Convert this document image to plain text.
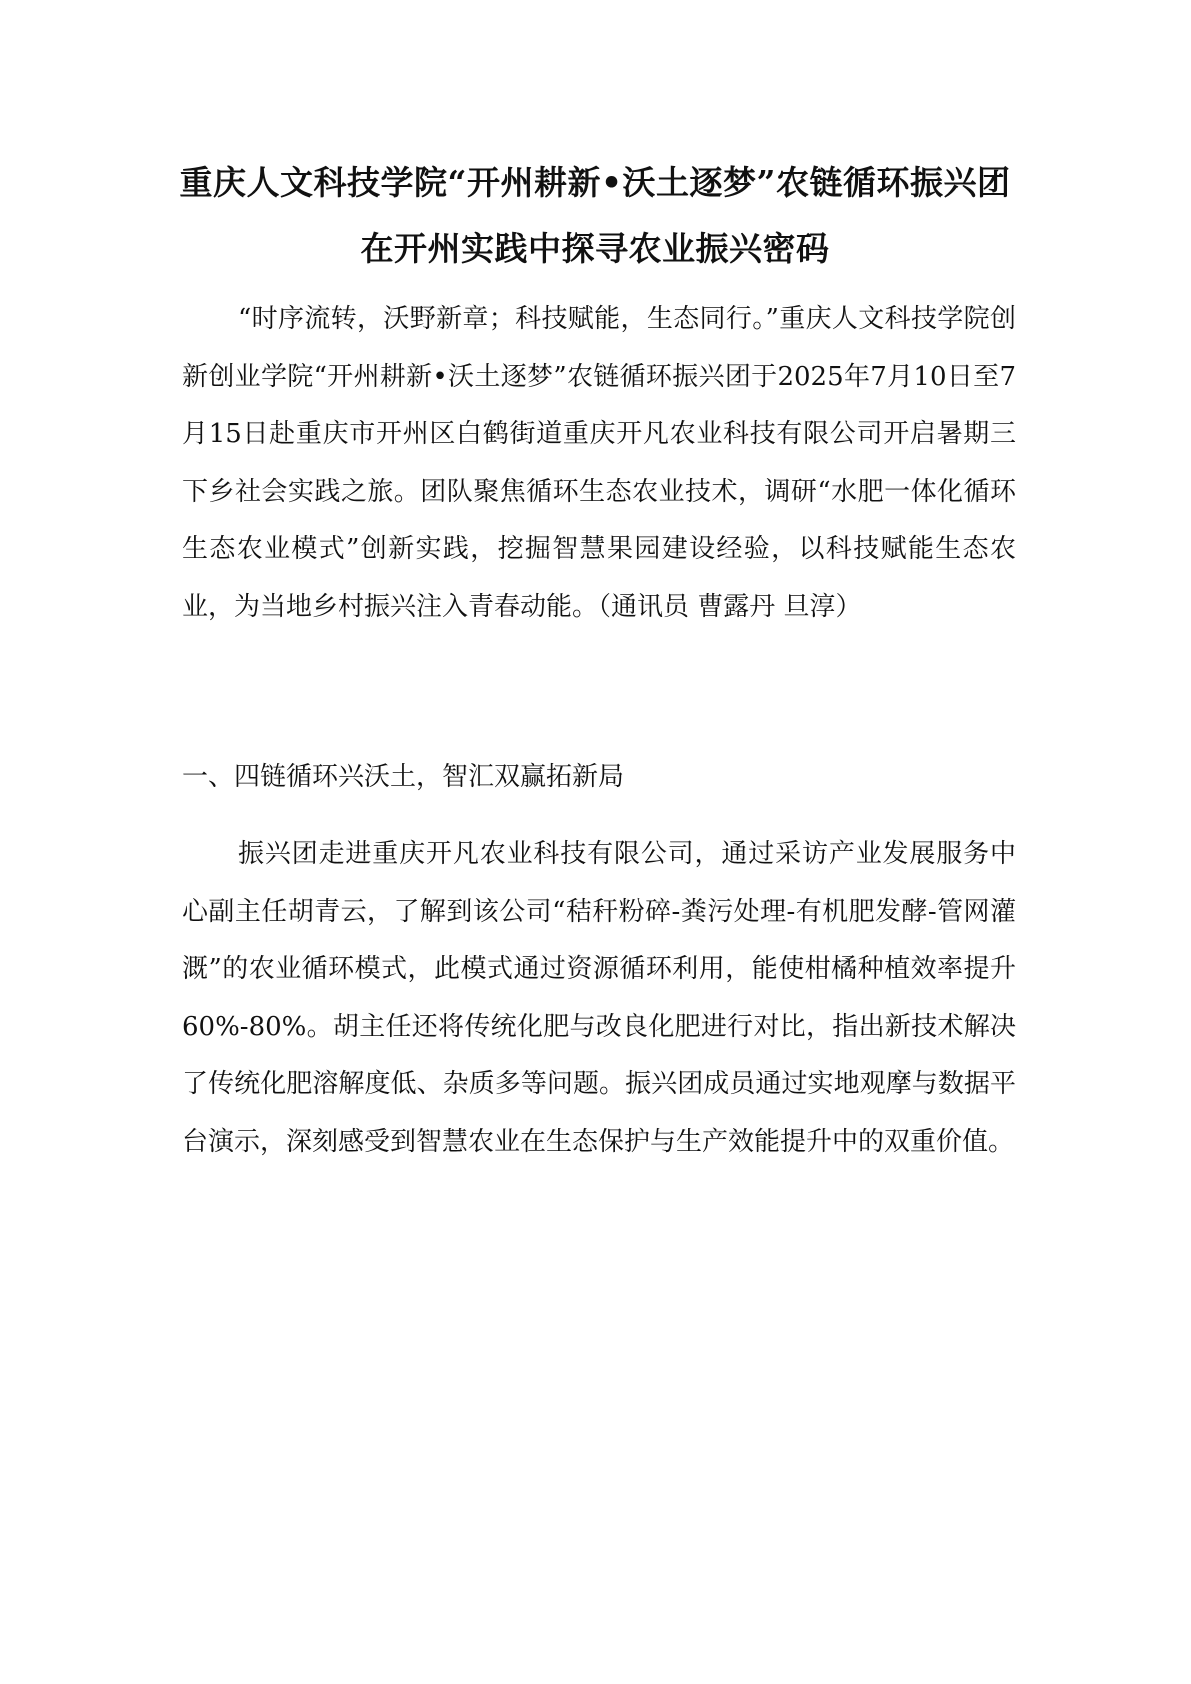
重庆人文科技学院“开州耕新•沃土逐梦”农链循环振兴团
在开州实践中探寻农业振兴密码

“时序流转，沃野新章；科技赋能，生态同行。”重庆人文科技学院创新创业学院“开州耕新•沃土逐梦”农链循环振兴团于2025年7月10日至7月15日赴重庆市开州区白鹤街道重庆开凡农业科技有限公司开启暑期三下乡社会实践之旅。团队聚焦循环生态农业技术，调研“水肥一体化循环生态农业模式”创新实践，挖掘智慧果园建设经验，以科技赋能生态农业，为当地乡村振兴注入青春动能。（通讯员 曹露丹 旦淳）

一、四链循环兴沃土，智汇双赢拓新局

振兴团走进重庆开凡农业科技有限公司，通过采访产业发展服务中心副主任胡青云，了解到该公司“秸秆粉碎-粪污处理-有机肥发酵-管网灌溉”的农业循环模式，此模式通过资源循环利用，能使柑橘种植效率提升60%-80%。胡主任还将传统化肥与改良化肥进行对比，指出新技术解决了传统化肥溶解度低、杂质多等问题。振兴团成员通过实地观摩与数据平台演示，深刻感受到智慧农业在生态保护与生产效能提升中的双重价值。
